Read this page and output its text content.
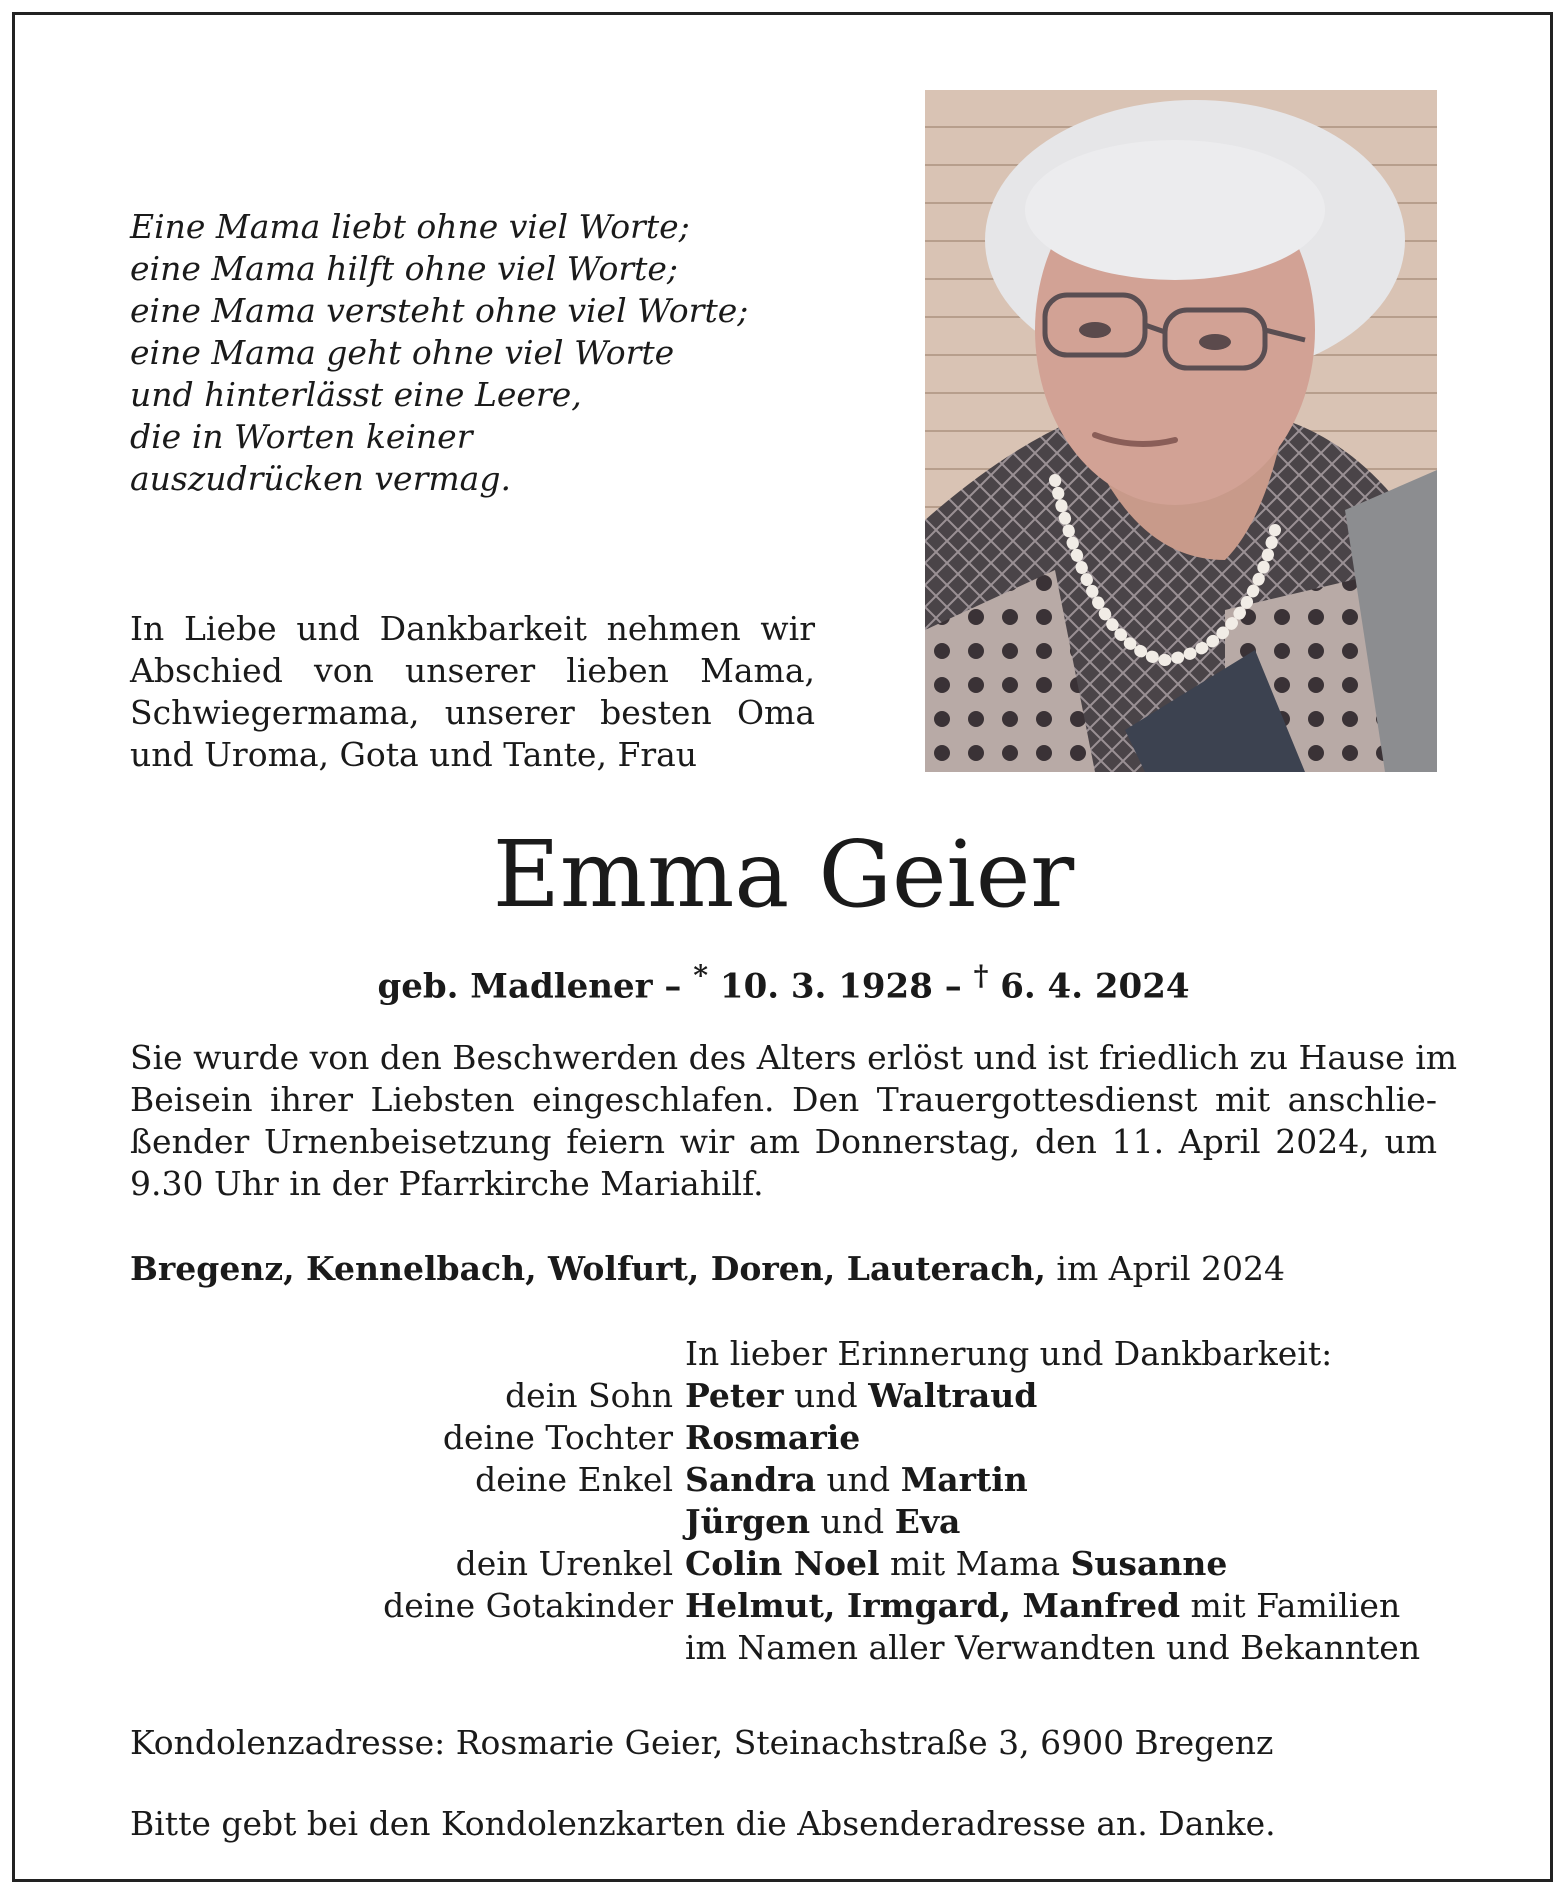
Eine Mama liebt ohne viel Worte;
eine Mama hilft ohne viel Worte;
eine Mama versteht ohne viel Worte;
eine Mama geht ohne viel Worte
und hinterlässt eine Leere,
die in Worten keiner
auszudrücken vermag.
In Liebe und Dankbarkeit nehmen wir
Abschied von unserer lieben Mama,
Schwiegermama, unserer besten Oma
und Uroma, Gota und Tante, Frau
Emma Geier
geb. Madlener – * 10. 3. 1928 – † 6. 4. 2024
Sie wurde von den Beschwerden des Alters erlöst und ist friedlich zu Hause im
Beisein ihrer Liebsten eingeschlafen. Den Trauergottesdienst mit anschlie-
ßender Urnenbeisetzung feiern wir am Donnerstag, den 11. April 2024, um
9.30 Uhr in der Pfarrkirche Mariahilf.
Bregenz, Kennelbach, Wolfurt, Doren, Lauterach, im April 2024
In lieber Erinnerung und Dankbarkeit:
dein Sohn Peter und Waltraud
deine Tochter Rosmarie
deine Enkel Sandra und Martin
Jürgen und Eva
dein Urenkel Colin Noel mit Mama Susanne
deine Gotakinder Helmut, Irmgard, Manfred mit Familien
im Namen aller Verwandten und Bekannten
Kondolenzadresse: Rosmarie Geier, Steinachstraße 3, 6900 Bregenz
Bitte gebt bei den Kondolenzkarten die Absenderadresse an. Danke.
